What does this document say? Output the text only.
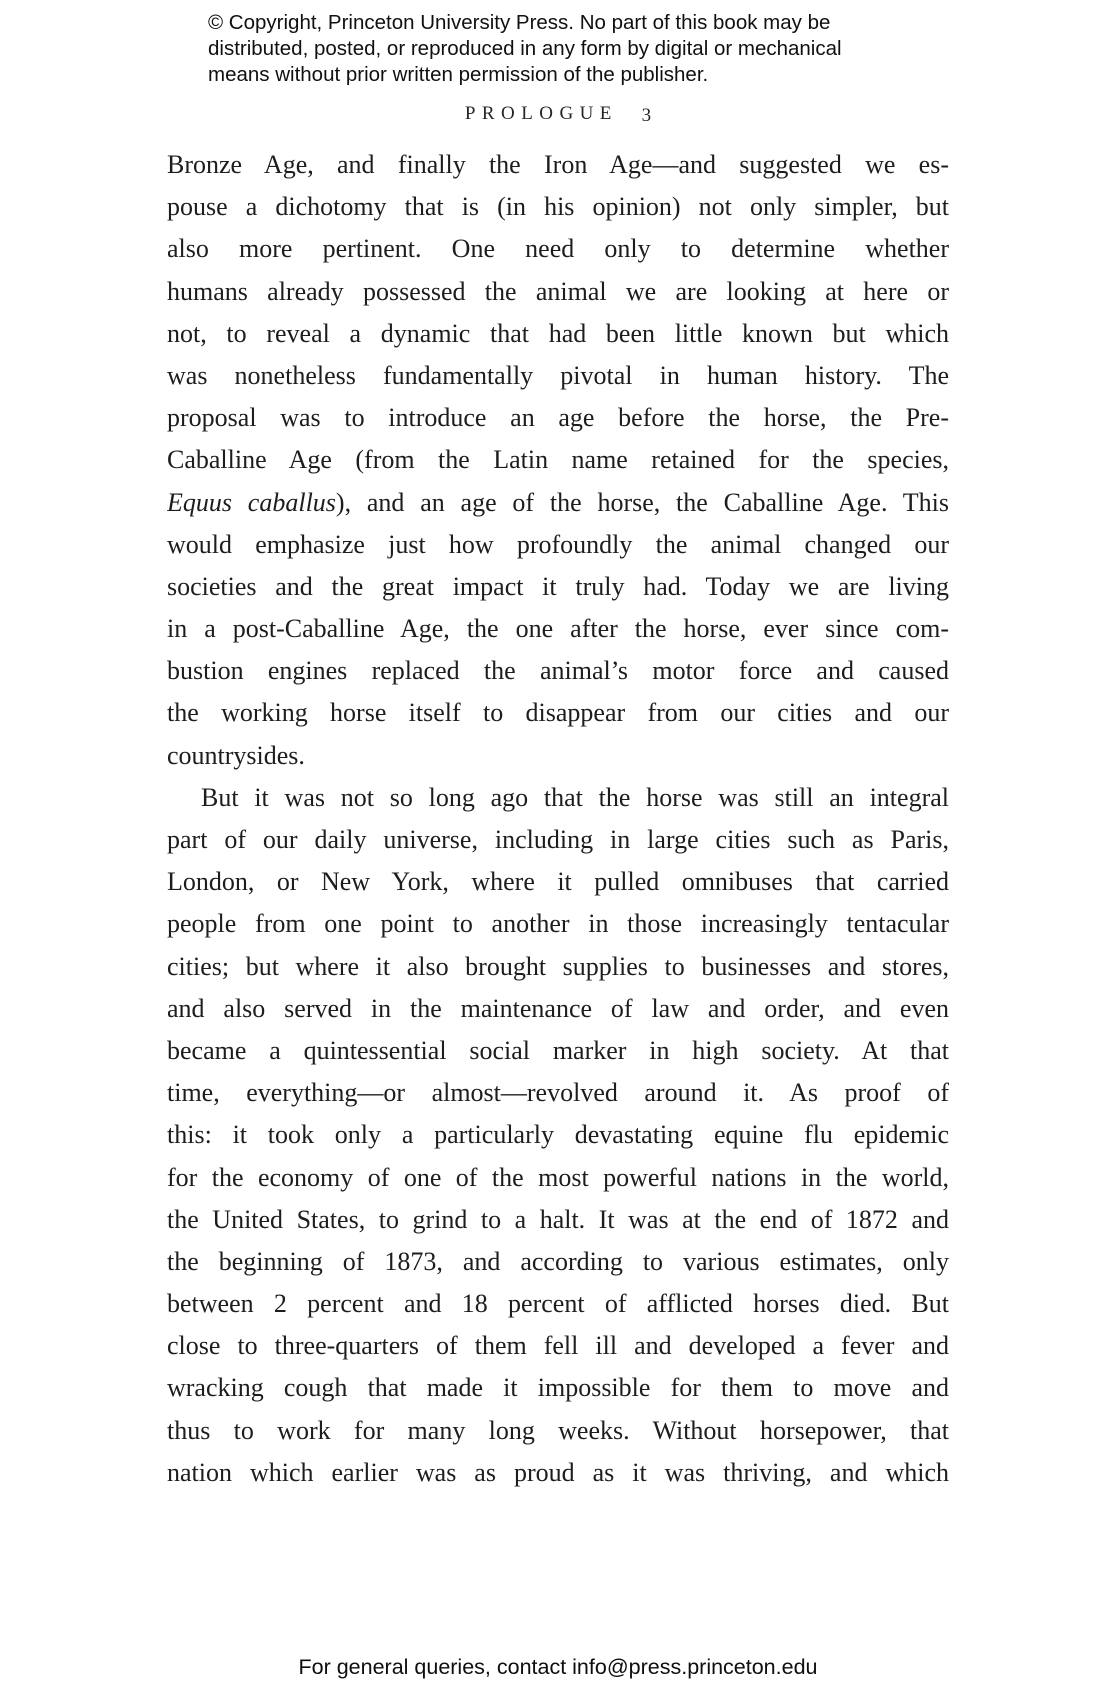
© Copyright, Princeton University Press. No part of this book may be
distributed, posted, or reproduced in any form by digital or mechanical
means without prior written permission of the publisher.
PROLOGUE 3
Bronze Age, and finally the Iron Age—and suggested we es-
pouse a dichotomy that is (in his opinion) not only simpler, but
also more pertinent. One need only to determine whether
humans already possessed the animal we are looking at here or
not, to reveal a dynamic that had been little known but which
was nonetheless fundamentally pivotal in human history. The
proposal was to introduce an age before the horse, the Pre-
Caballine Age (from the Latin name retained for the species,
Equus caballus), and an age of the horse, the Caballine Age. This
would emphasize just how profoundly the animal changed our
societies and the great impact it truly had. Today we are living
in a post-Caballine Age, the one after the horse, ever since com-
bustion engines replaced the animal’s motor force and caused
the working horse itself to disappear from our cities and our
countrysides.
But it was not so long ago that the horse was still an integral
part of our daily universe, including in large cities such as Paris,
London, or New York, where it pulled omnibuses that carried
people from one point to another in those increasingly tentacular
cities; but where it also brought supplies to businesses and stores,
and also served in the maintenance of law and order, and even
became a quintessential social marker in high society. At that
time, everything—or almost—revolved around it. As proof of
this: it took only a particularly devastating equine flu epidemic
for the economy of one of the most powerful nations in the world,
the United States, to grind to a halt. It was at the end of 1872 and
the beginning of 1873, and according to various estimates, only
between 2 percent and 18 percent of afflicted horses died. But
close to three-quarters of them fell ill and developed a fever and
wracking cough that made it impossible for them to move and
thus to work for many long weeks. Without horsepower, that
nation which earlier was as proud as it was thriving, and which
For general queries, contact info@press.princeton.edu
